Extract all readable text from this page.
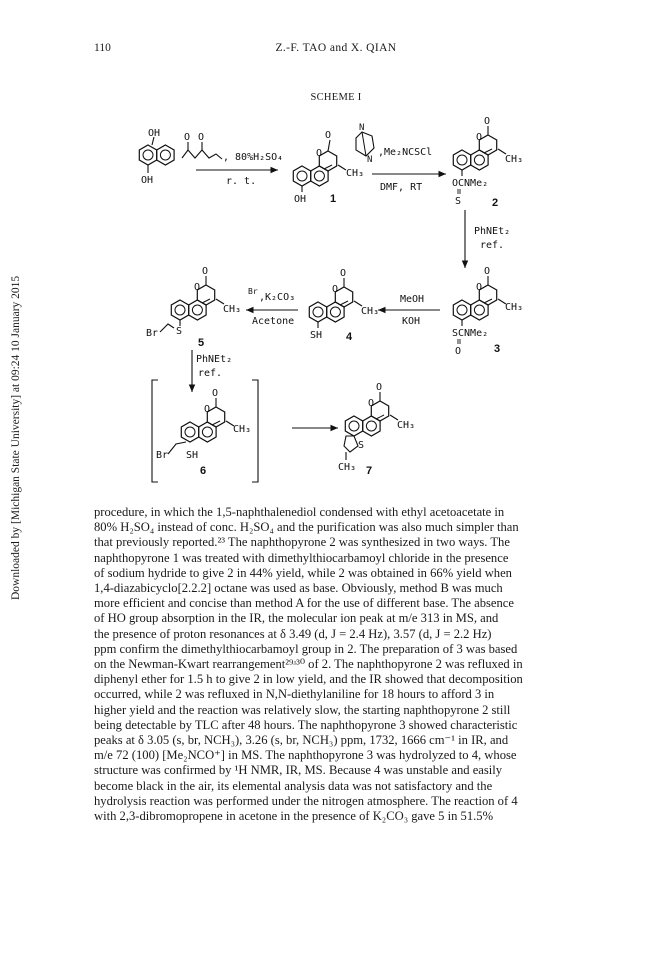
110	Z.-F. TAO and X. QIAN
Downloaded by [Michigan State University] at 09:24 10 January 2015
SCHEME I
OH
OH
O O
, 80%H₂SO₄
r. t.
O
O
CH₃
OH 1
N
N
,Me₂NCSCl
DMF, RT
O
O
CH₃
OCNMe₂
S	2
PhNEt₂
ref.
O
O
CH₃
SCNMe₂
O	3
MeOH
KOH
O
O
CH₃
SH 4
Br
,K₂CO₃
Acetone
O
O
CH₃
Br S
5
PhNEt₂
ref.
O
O
CH₃
Br SH
6
O
O
CH₃
S
CH₃ 7

procedure, in which the 1,5-naphthalenediol condensed with ethyl acetoacetate in

80% H₂SO₄ instead of conc. H₂SO₄ and the purification was also much simpler than

that previously reported.²³ The naphthopyrone 2 was synthesized in two ways. The

naphthopyrone 1 was treated with dimethylthiocarbamoyl chloride in the presence

of sodium hydride to give 2 in 44% yield, while 2 was obtained in 66% yield when

1,4-diazabicyclo[2.2.2] octane was used as base. Obviously, method B was much

more efficient and concise than method A for the use of different base. The absence

of HO group absorption in the IR, the molecular ion peak at m/e 313 in MS, and

the presence of proton resonances at δ 3.49 (d, J = 2.4 Hz), 3.57 (d, J = 2.2 Hz)

ppm confirm the dimethylthiocarbamoyl group in 2. The preparation of 3 was based

on the Newman-Kwart rearrangement²⁹ʴ³⁰ of 2. The naphthopyrone 2 was refluxed in

diphenyl ether for 1.5 h to give 2 in low yield, and the IR showed that decomposition

occurred, while 2 was refluxed in N,N-diethylaniline for 18 hours to afford 3 in

higher yield and the reaction was relatively slow, the starting naphthopyrone 2 still

being detectable by TLC after 48 hours. The naphthopyrone 3 showed characteristic

peaks at δ 3.05 (s, br, NCH₃), 3.26 (s, br, NCH₃) ppm, 1732, 1666 cm⁻¹ in IR, and

m/e 72 (100) [Me₂NCO⁺] in MS. The naphthopyrone 3 was hydrolyzed to 4, whose

structure was confirmed by ¹H NMR, IR, MS. Because 4 was unstable and easily

become black in the air, its elemental analysis data was not satisfactory and the

hydrolysis reaction was performed under the nitrogen atmosphere. The reaction of 4

with 2,3-dibromopropene in acetone in the presence of K₂CO₃ gave 5 in 51.5%
